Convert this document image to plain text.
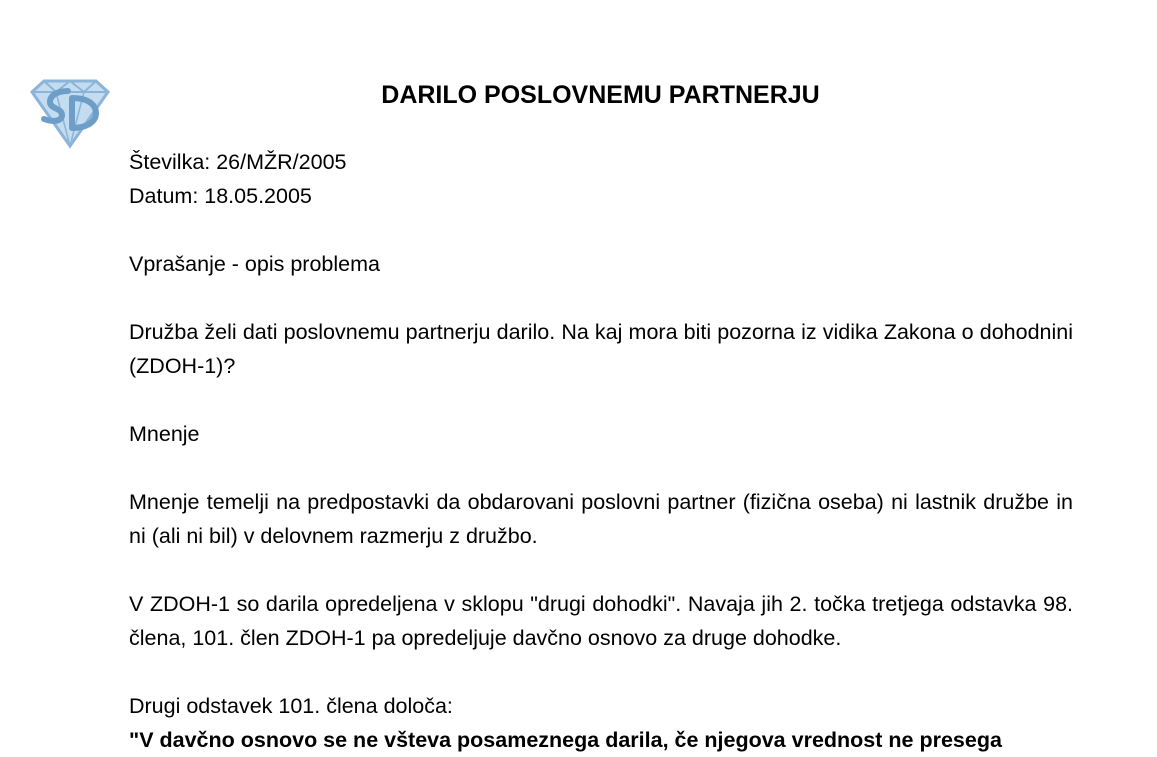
DARILO POSLOVNEMU PARTNERJU

Številka: 26/MŽR/2005

Datum: 18.05.2005

Vprašanje - opis problema

Družba želi dati poslovnemu partnerju darilo. Na kaj mora biti pozorna iz vidika Zakona o dohodnini (ZDOH-1)?

Mnenje

Mnenje temelji na predpostavki da obdarovani poslovni partner (fizična oseba) ni lastnik družbe in ni (ali ni bil) v delovnem razmerju z družbo.

V ZDOH-1 so darila opredeljena v sklopu "drugi dohodki". Navaja jih 2. točka tretjega odstavka 98. člena, 101. člen ZDOH-1 pa opredeljuje davčno osnovo za druge dohodke.

Drugi odstavek 101. člena določa:

"V davčno osnovo se ne všteva posameznega darila, če njegova vrednost ne presega
